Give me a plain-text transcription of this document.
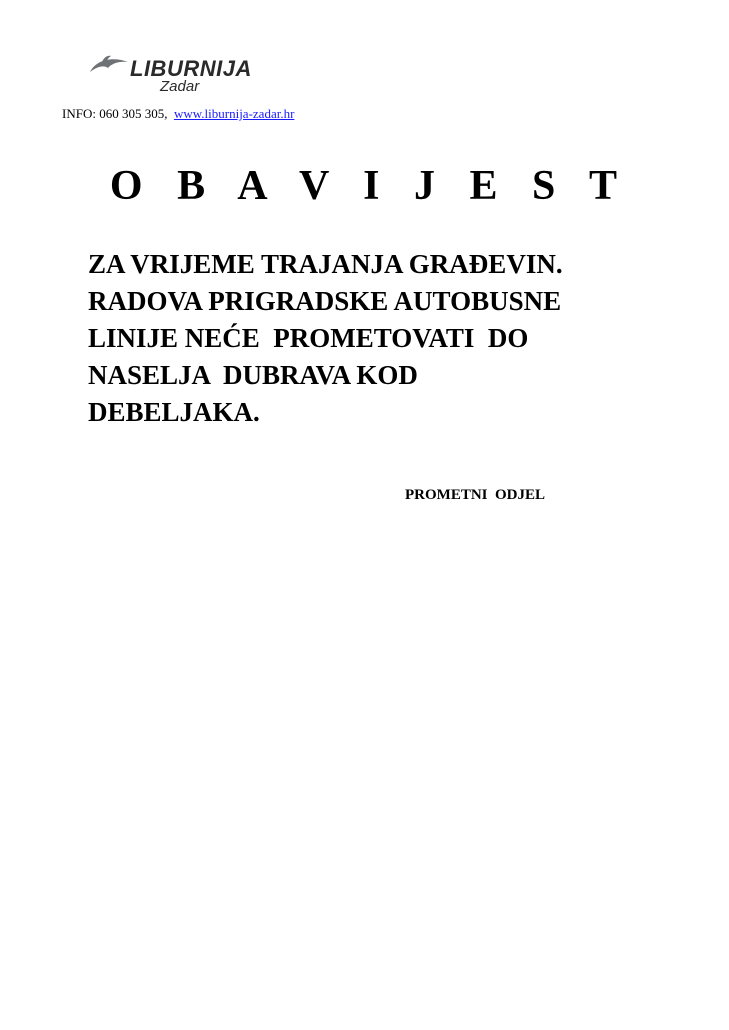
LIBURNIJA
Zadar
INFO: 060 305 305,  www.liburnija-zadar.hr
O B A V I J E S T
ZA VRIJEME TRAJANJA GRAĐEVIN.
RADOVA PRIGRADSKE AUTOBUSNE
LINIJE NEĆE  PROMETOVATI  DO
NASELJA  DUBRAVA KOD
DEBELJAKA.
PROMETNI  ODJEL
